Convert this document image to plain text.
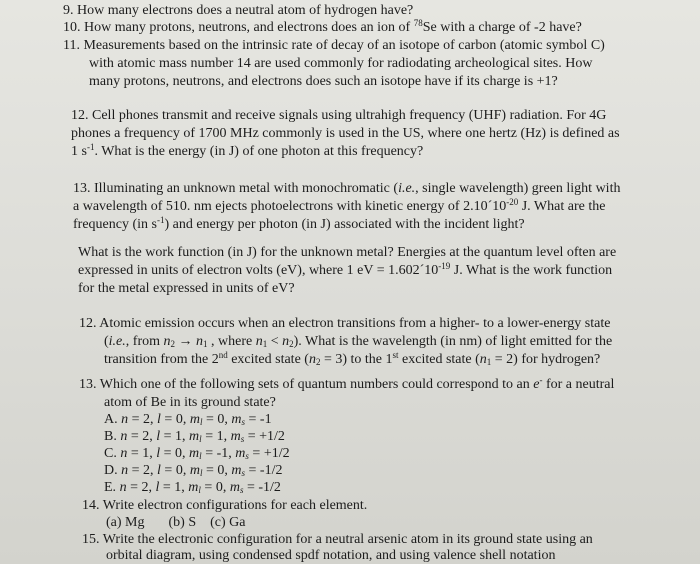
9. How many electrons does a neutral atom of hydrogen have?
10. How many protons, neutrons, and electrons does an ion of $^{78}$Se with a charge of -2 have?
11. Measurements based on the intrinsic rate of decay of an isotope of carbon (atomic symbol C)
with atomic mass number 14 are used commonly for radiodating archeological sites. How
many protons, neutrons, and electrons does such an isotope have if its charge is +1?
12. Cell phones transmit and receive signals using ultrahigh frequency (UHF) radiation. For 4G
phones a frequency of 1700 MHz commonly is used in the US, where one hertz (Hz) is defined as
1 $s^{-1}$. What is the energy (in J) of one photon at this frequency?
13. Illuminating an unknown metal with monochromatic (i.e., single wavelength) green light with
a wavelength of 510. nm ejects photoelectrons with kinetic energy of $2.10´10^{-20}$ J. What are the
frequency (in $s^{-1}$) and energy per photon (in J) associated with the incident light?
What is the work function (in J) for the unknown metal? Energies at the quantum level often are
expressed in units of electron volts (eV), where 1 eV = $1.602´10^{-19}$ J. What is the work function
for the metal expressed in units of eV?
12. Atomic emission occurs when an electron transitions from a higher- to a lower-energy state
(i.e., from $n_2 \to n_1$ , where $n_1 < n_2$). What is the wavelength (in nm) of light emitted for the
transition from the 2nd excited state $(n_2 = 3)$ to the 1st excited state $(n_1 = 2)$ for hydrogen?
13. Which one of the following sets of quantum numbers could correspond to an e- for a neutral
atom of Be in its ground state?
A. n = 2, l = 0, $m_l = 0$, $m_s = -1$
B. n = 2, l = 1, $m_l = 1$, $m_s = +1/2$
C. n = 1, l = 0, $m_l = -1$, $m_s = +1/2$
D. n = 2, l = 0, $m_l = 0$, $m_s = -1/2$
E. n = 2, l = 1, $m_l = 0$, $m_s = -1/2$
14. Write electron configurations for each element.
(a) Mg (b) S (c) Ga
15. Write the electronic configuration for a neutral arsenic atom in its ground state using an
orbital diagram, using condensed spdf notation, and using valence shell notation
